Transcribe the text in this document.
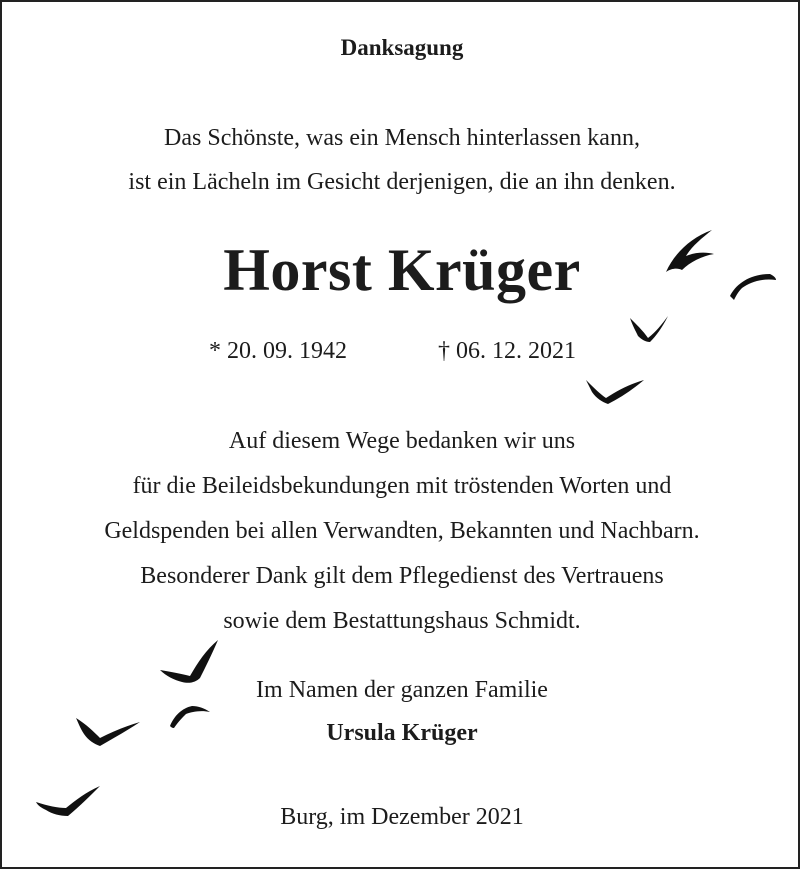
Danksagung
Das Schönste, was ein Mensch hinterlassen kann,
ist ein Lächeln im Gesicht derjenigen, die an ihn denken.
Horst Krüger
* 20. 09. 1942	† 06. 12. 2021
Auf diesem Wege bedanken wir uns
für die Beileidsbekundungen mit tröstenden Worten und
Geldspenden bei allen Verwandten, Bekannten und Nachbarn.
Besonderer Dank gilt dem Pflegedienst des Vertrauens
sowie dem Bestattungshaus Schmidt.
Im Namen der ganzen Familie
Ursula Krüger
Burg, im Dezember 2021
